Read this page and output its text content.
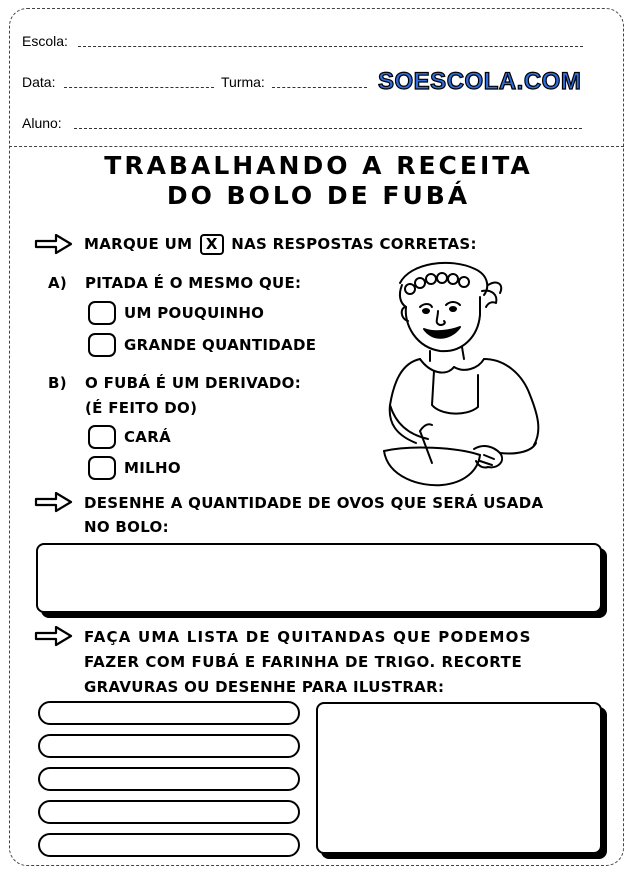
Escola:
Data:	Turma:	SOESCOLA.COM
Aluno:
TRABALHANDO A RECEITA
DO BOLO DE FUBÁ
MARQUE UM X NAS RESPOSTAS CORRETAS:
A) PITADA É O MESMO QUE:
UM POUQUINHO
GRANDE QUANTIDADE
B) O FUBÁ É UM DERIVADO:
(É FEITO DO)
CARÁ
MILHO
DESENHE A QUANTIDADE DE OVOS QUE SERÁ USADA
NO BOLO:
FAÇA UMA LISTA DE QUITANDAS QUE PODEMOS
FAZER COM FUBÁ E FARINHA DE TRIGO. RECORTE
GRAVURAS OU DESENHE PARA ILUSTRAR:
